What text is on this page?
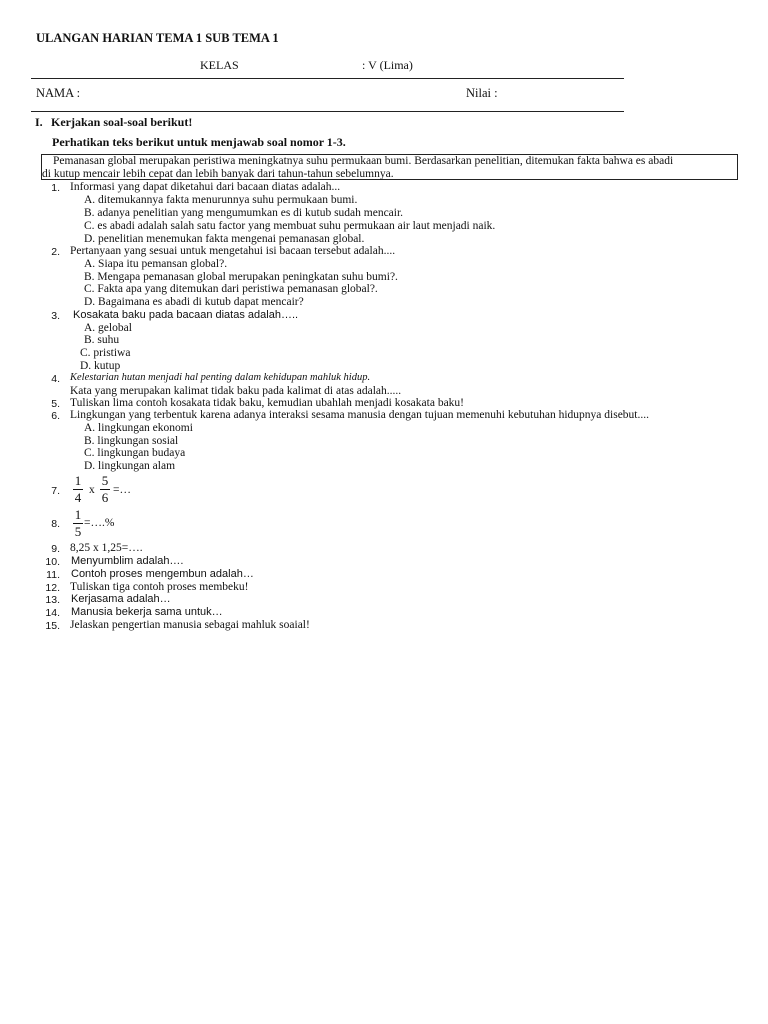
ULANGAN HARIAN TEMA 1 SUB TEMA 1
KELAS	: V (Lima)
NAMA :	Nilai :
I. Kerjakan soal-soal berikut!
Perhatikan teks berikut untuk menjawab soal nomor 1-3.
Pemanasan global merupakan peristiwa meningkatnya suhu permukaan bumi. Berdasarkan penelitian, ditemukan fakta bahwa es abadi
di kutup mencair lebih cepat dan lebih banyak dari tahun-tahun sebelumnya.
1. Informasi yang dapat diketahui dari bacaan diatas adalah...
A. ditemukannya fakta menurunnya suhu permukaan bumi.
B. adanya penelitian yang mengumumkan es di kutub sudah mencair.
C. es abadi adalah salah satu factor yang membuat suhu permukaan air laut menjadi naik.
D. penelitian menemukan fakta mengenai pemanasan global.
2. Pertanyaan yang sesuai untuk mengetahui isi bacaan tersebut adalah....
A. Siapa itu pemansan global?.
B. Mengapa pemanasan global merupakan peningkatan suhu bumi?.
C. Fakta apa yang ditemukan dari peristiwa pemanasan global?.
D. Bagaimana es abadi di kutub dapat mencair?
3. Kosakata baku pada bacaan diatas adalah…..
A. gelobal
B. suhu
C. pristiwa
D. kutup
4. Kelestarian hutan menjadi hal penting dalam kehidupan mahluk hidup.
Kata yang merupakan kalimat tidak baku pada kalimat di atas adalah.....
5. Tuliskan lima contoh kosakata tidak baku, kemudian ubahlah menjadi kosakata baku!
6. Lingkungan yang terbentuk karena adanya interaksi sesama manusia dengan tujuan memenuhi kebutuhan hidupnya disebut....
A. lingkungan ekonomi
B. lingkungan sosial
C. lingkungan budaya
D. lingkungan alam
7.
1
4 x
5
6 =…
8.
1
5
=….%
9. 8,25 x 1,25=….
10. Menyumblim adalah….
11. Contoh proses mengembun adalah…
12. Tuliskan tiga contoh proses membeku!
13. Kerjasama adalah…
14. Manusia bekerja sama untuk…
15. Jelaskan pengertian manusia sebagai mahluk soaial!
